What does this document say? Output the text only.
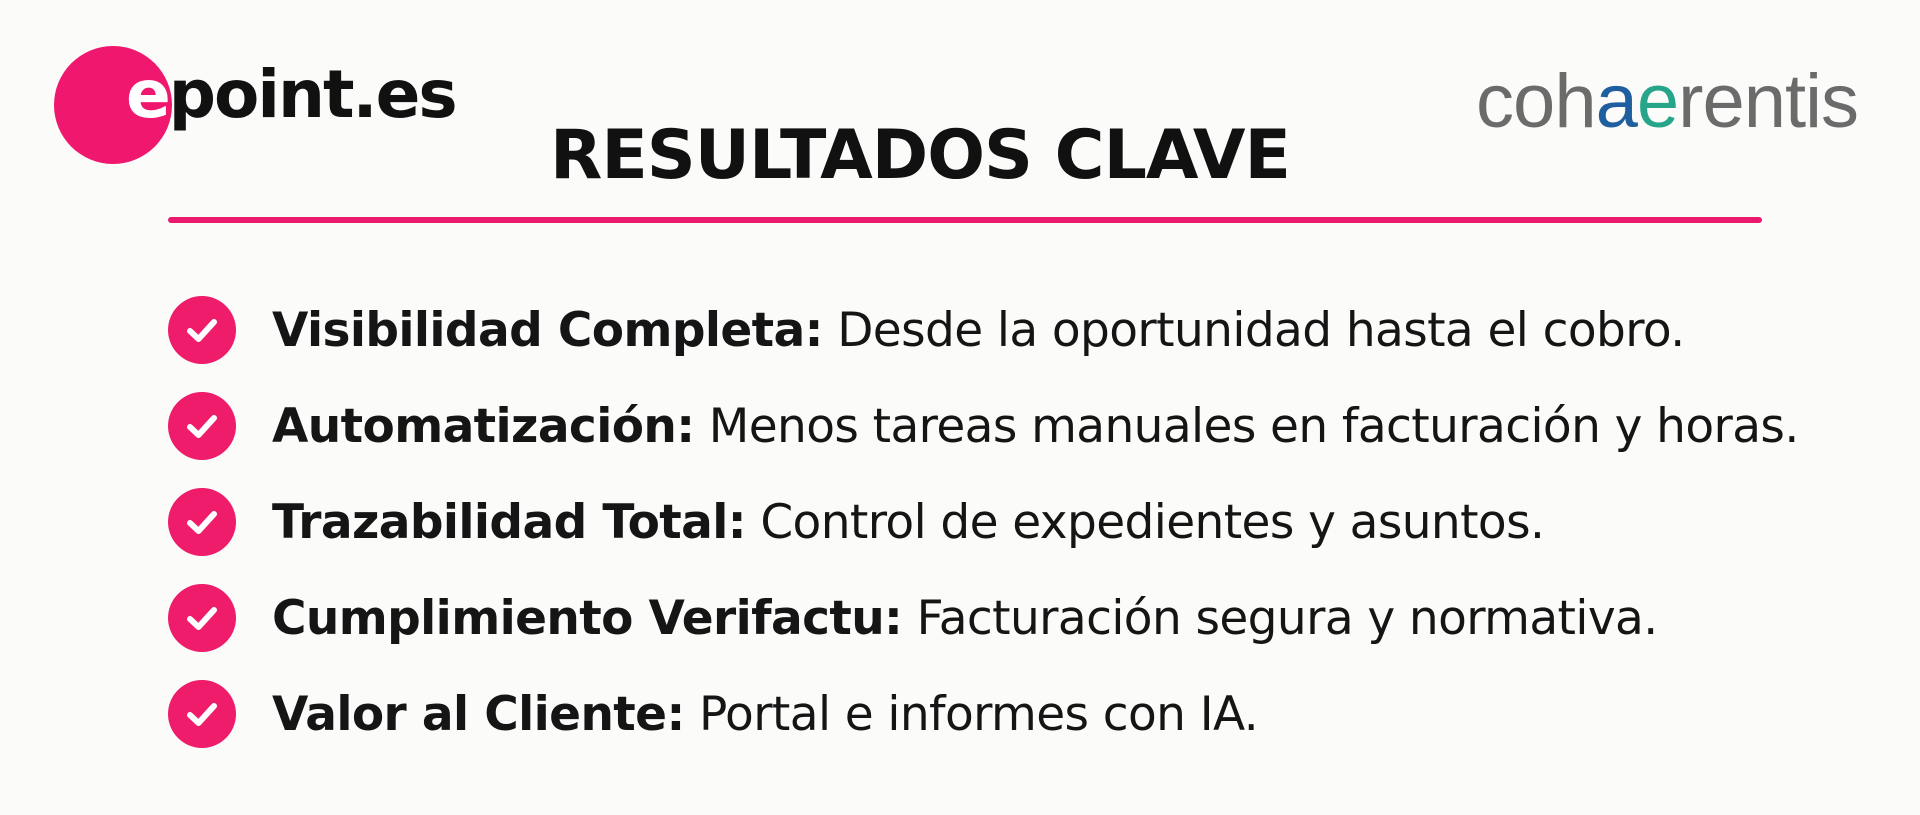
epoint.es	cohaerentis
RESULTADOS CLAVE
Visibilidad Completa: Desde la oportunidad hasta el cobro.
Automatización: Menos tareas manuales en facturación y horas.
Trazabilidad Total: Control de expedientes y asuntos.
Cumplimiento Verifactu: Facturación segura y normativa.
Valor al Cliente: Portal e informes con IA.
